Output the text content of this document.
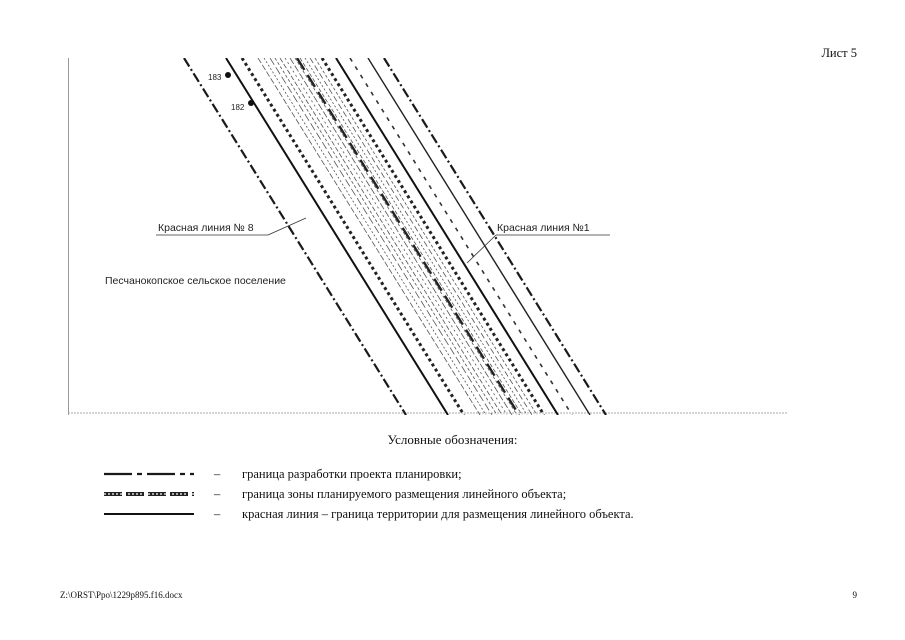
Лист 5
183
182
Красная линия № 8	Красная линия №1
Песчанокопское сельское поселение
Условные обозначения:
– граница разработки проекта планировки;
– граница зоны планируемого размещения линейного объекта;
– красная линия – граница территории для размещения линейного объекта.
Z:\ORST\Ppo\1229p895.f16.docx	9
